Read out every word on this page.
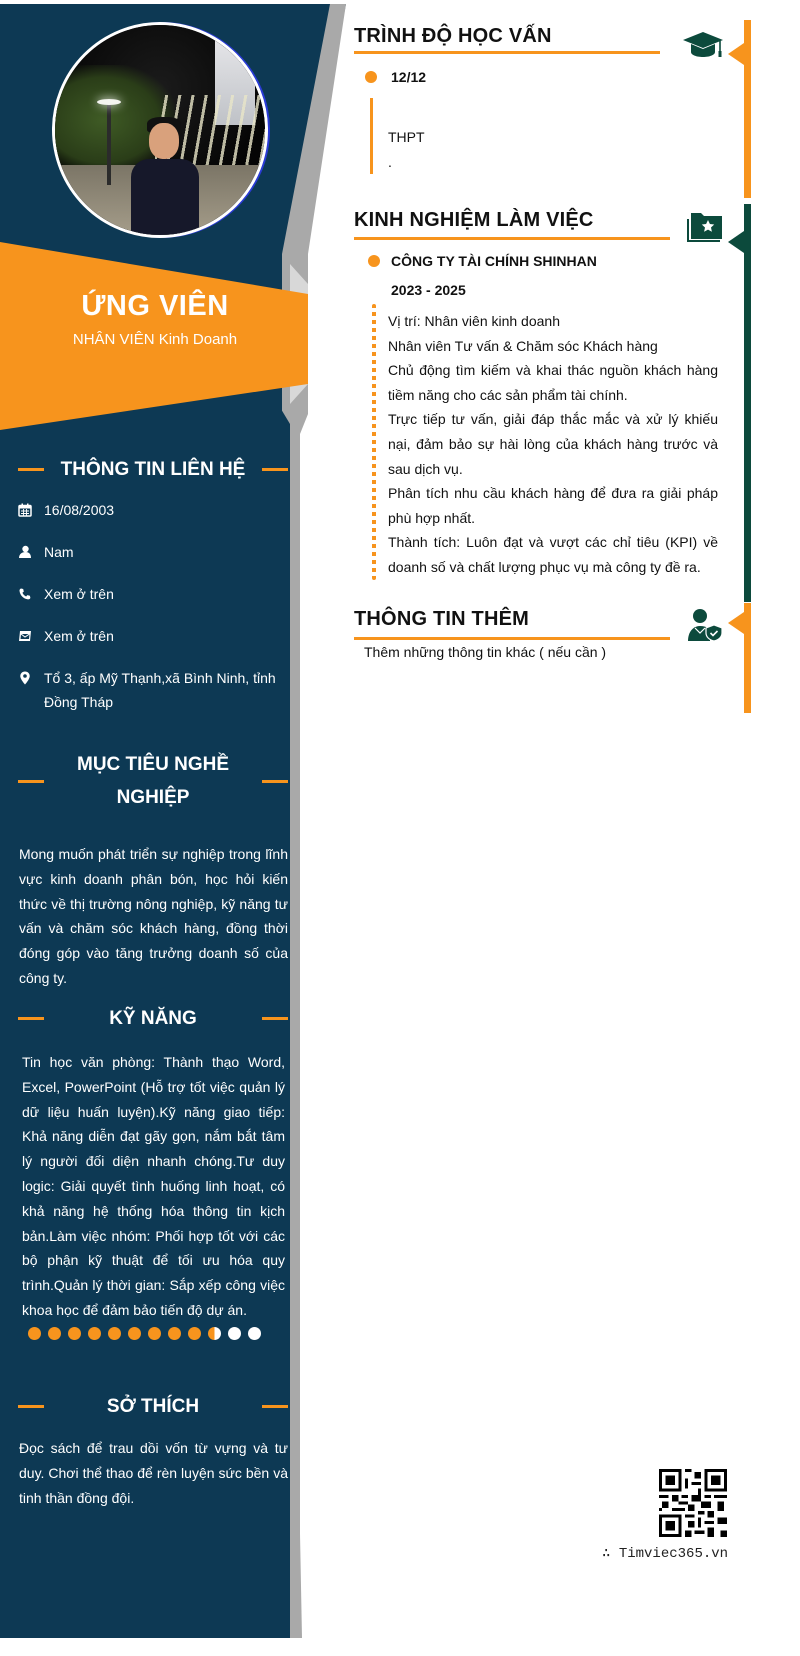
ỨNG VIÊN
NHÂN VIÊN Kinh Doanh
THÔNG TIN LIÊN HỆ
16/08/2003
Nam
Xem ở trên
Xem ở trên
Tổ 3, ấp Mỹ Thạnh,xã Bình Ninh, tỉnh Đồng Tháp
MỤC TIÊU NGHỀ NGHIỆP
Mong muốn phát triển sự nghiệp trong lĩnh vực kinh doanh phân bón, học hỏi kiến thức về thị trường nông nghiệp, kỹ năng tư vấn và chăm sóc khách hàng, đồng thời đóng góp vào tăng trưởng doanh số của công ty.
KỸ NĂNG
Tin học văn phòng: Thành thạo Word, Excel, PowerPoint (Hỗ trợ tốt việc quản lý dữ liệu huấn luyện).Kỹ năng giao tiếp: Khả năng diễn đạt gãy gọn, nắm bắt tâm lý người đối diện nhanh chóng.Tư duy logic: Giải quyết tình huống linh hoạt, có khả năng hệ thống hóa thông tin kịch bản.Làm việc nhóm: Phối hợp tốt với các bộ phận kỹ thuật để tối ưu hóa quy trình.Quản lý thời gian: Sắp xếp công việc khoa học để đảm bảo tiến độ dự án.
SỞ THÍCH
Đọc sách để trau dồi vốn từ vựng và tư duy. Chơi thể thao để rèn luyện sức bền và tinh thần đồng đội.
TRÌNH ĐỘ HỌC VẤN
12/12
THPT
.
KINH NGHIỆM LÀM VIỆC
CÔNG TY TÀI CHÍNH SHINHAN
2023 - 2025
Vị trí: Nhân viên kinh doanh
Nhân viên Tư vấn & Chăm sóc Khách hàng
Chủ động tìm kiếm và khai thác nguồn khách hàng tiềm năng cho các sản phẩm tài chính.
Trực tiếp tư vấn, giải đáp thắc mắc và xử lý khiếu nại, đảm bảo sự hài lòng của khách hàng trước và sau dịch vụ.
Phân tích nhu cầu khách hàng để đưa ra giải pháp phù hợp nhất.
Thành tích: Luôn đạt và vượt các chỉ tiêu (KPI) về doanh số và chất lượng phục vụ mà công ty đề ra.
THÔNG TIN THÊM
Thêm những thông tin khác ( nếu cần )
∴ Timviec365.vn
